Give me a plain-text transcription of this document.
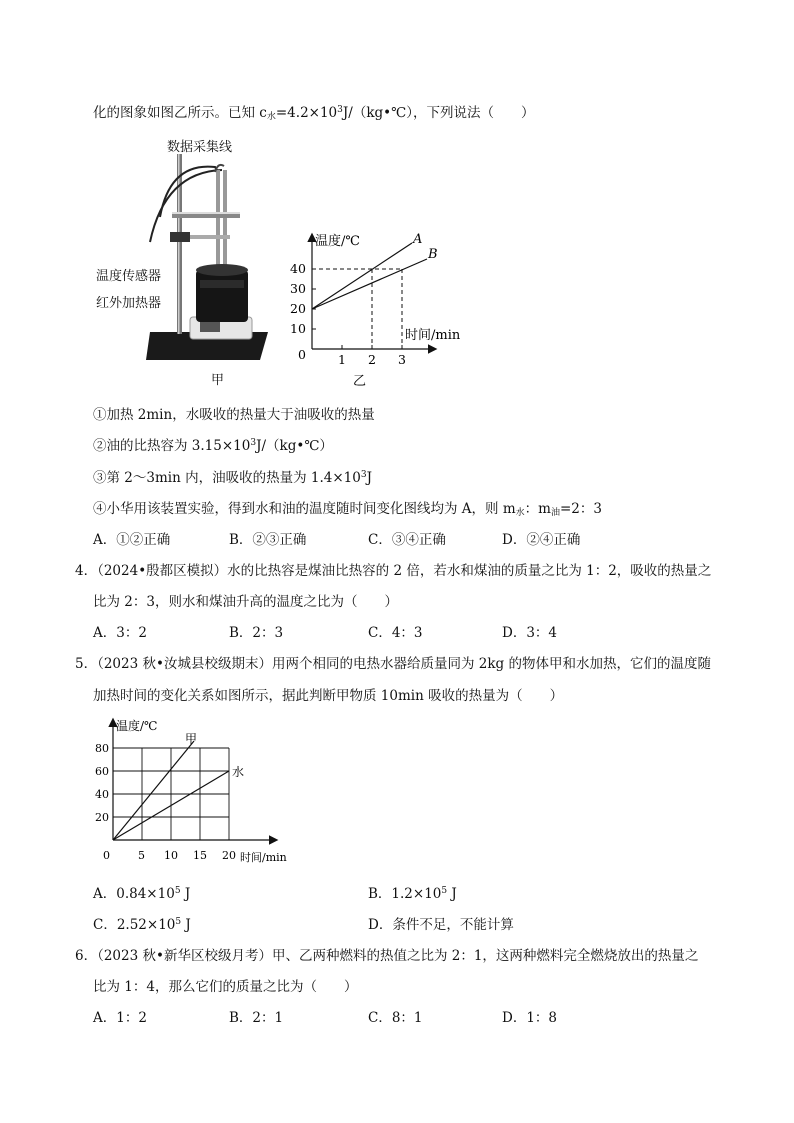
化的图象如图乙所示。已知 $c_水=4.2\times 10^3J/(kg•℃)$，下列说法（　　）
数据采集线
温度传感器
红外加热器
甲
A
B
温度/℃
时间/min
0
10
20
30
40
1 2 3
乙
①加热 2min，水吸收的热量大于油吸收的热量
②油的比热容为 $3.15\times 10^3J/(kg•℃)$
③第 2～3min 内，油吸收的热量为 $1.4\times 10^3J$
④小华用该装置实验，得到水和油的温度随时间变化图线均为 A，则 $m_水$：$m_油=2$：3
A．①②正确	B．②③正确	C．③④正确	D．②④正确
4．（2024•殷都区模拟）水的比热容是煤油比热容的 2 倍，若水和煤油的质量之比为 1：2，吸收的热量之
比为 2：3，则水和煤油升高的温度之比为（　　）
A．3：2	B．2：3	C．4：3	D．3：4
5．（2023 秋•汝城县校级期末）用两个相同的电热水器给质量同为 2kg 的物体甲和水加热，它们的温度随
加热时间的变化关系如图所示，据此判断甲物质 10min 吸收的热量为（　　）
温度/℃
甲
水
80
60
40
20
0	5 10 15 20 时间/min
A．$0.84\times 10^5$ J	B．$1.2\times 10^5$ J
C．$2.52\times 10^5$ J	D．条件不足，不能计算
6．（2023 秋•新华区校级月考）甲、乙两种燃料的热值之比为 2：1，这两种燃料完全燃烧放出的热量之
比为 1：4，那么它们的质量之比为（　　）
A．1：2	B．2：1	C．8：1	D．1：8
